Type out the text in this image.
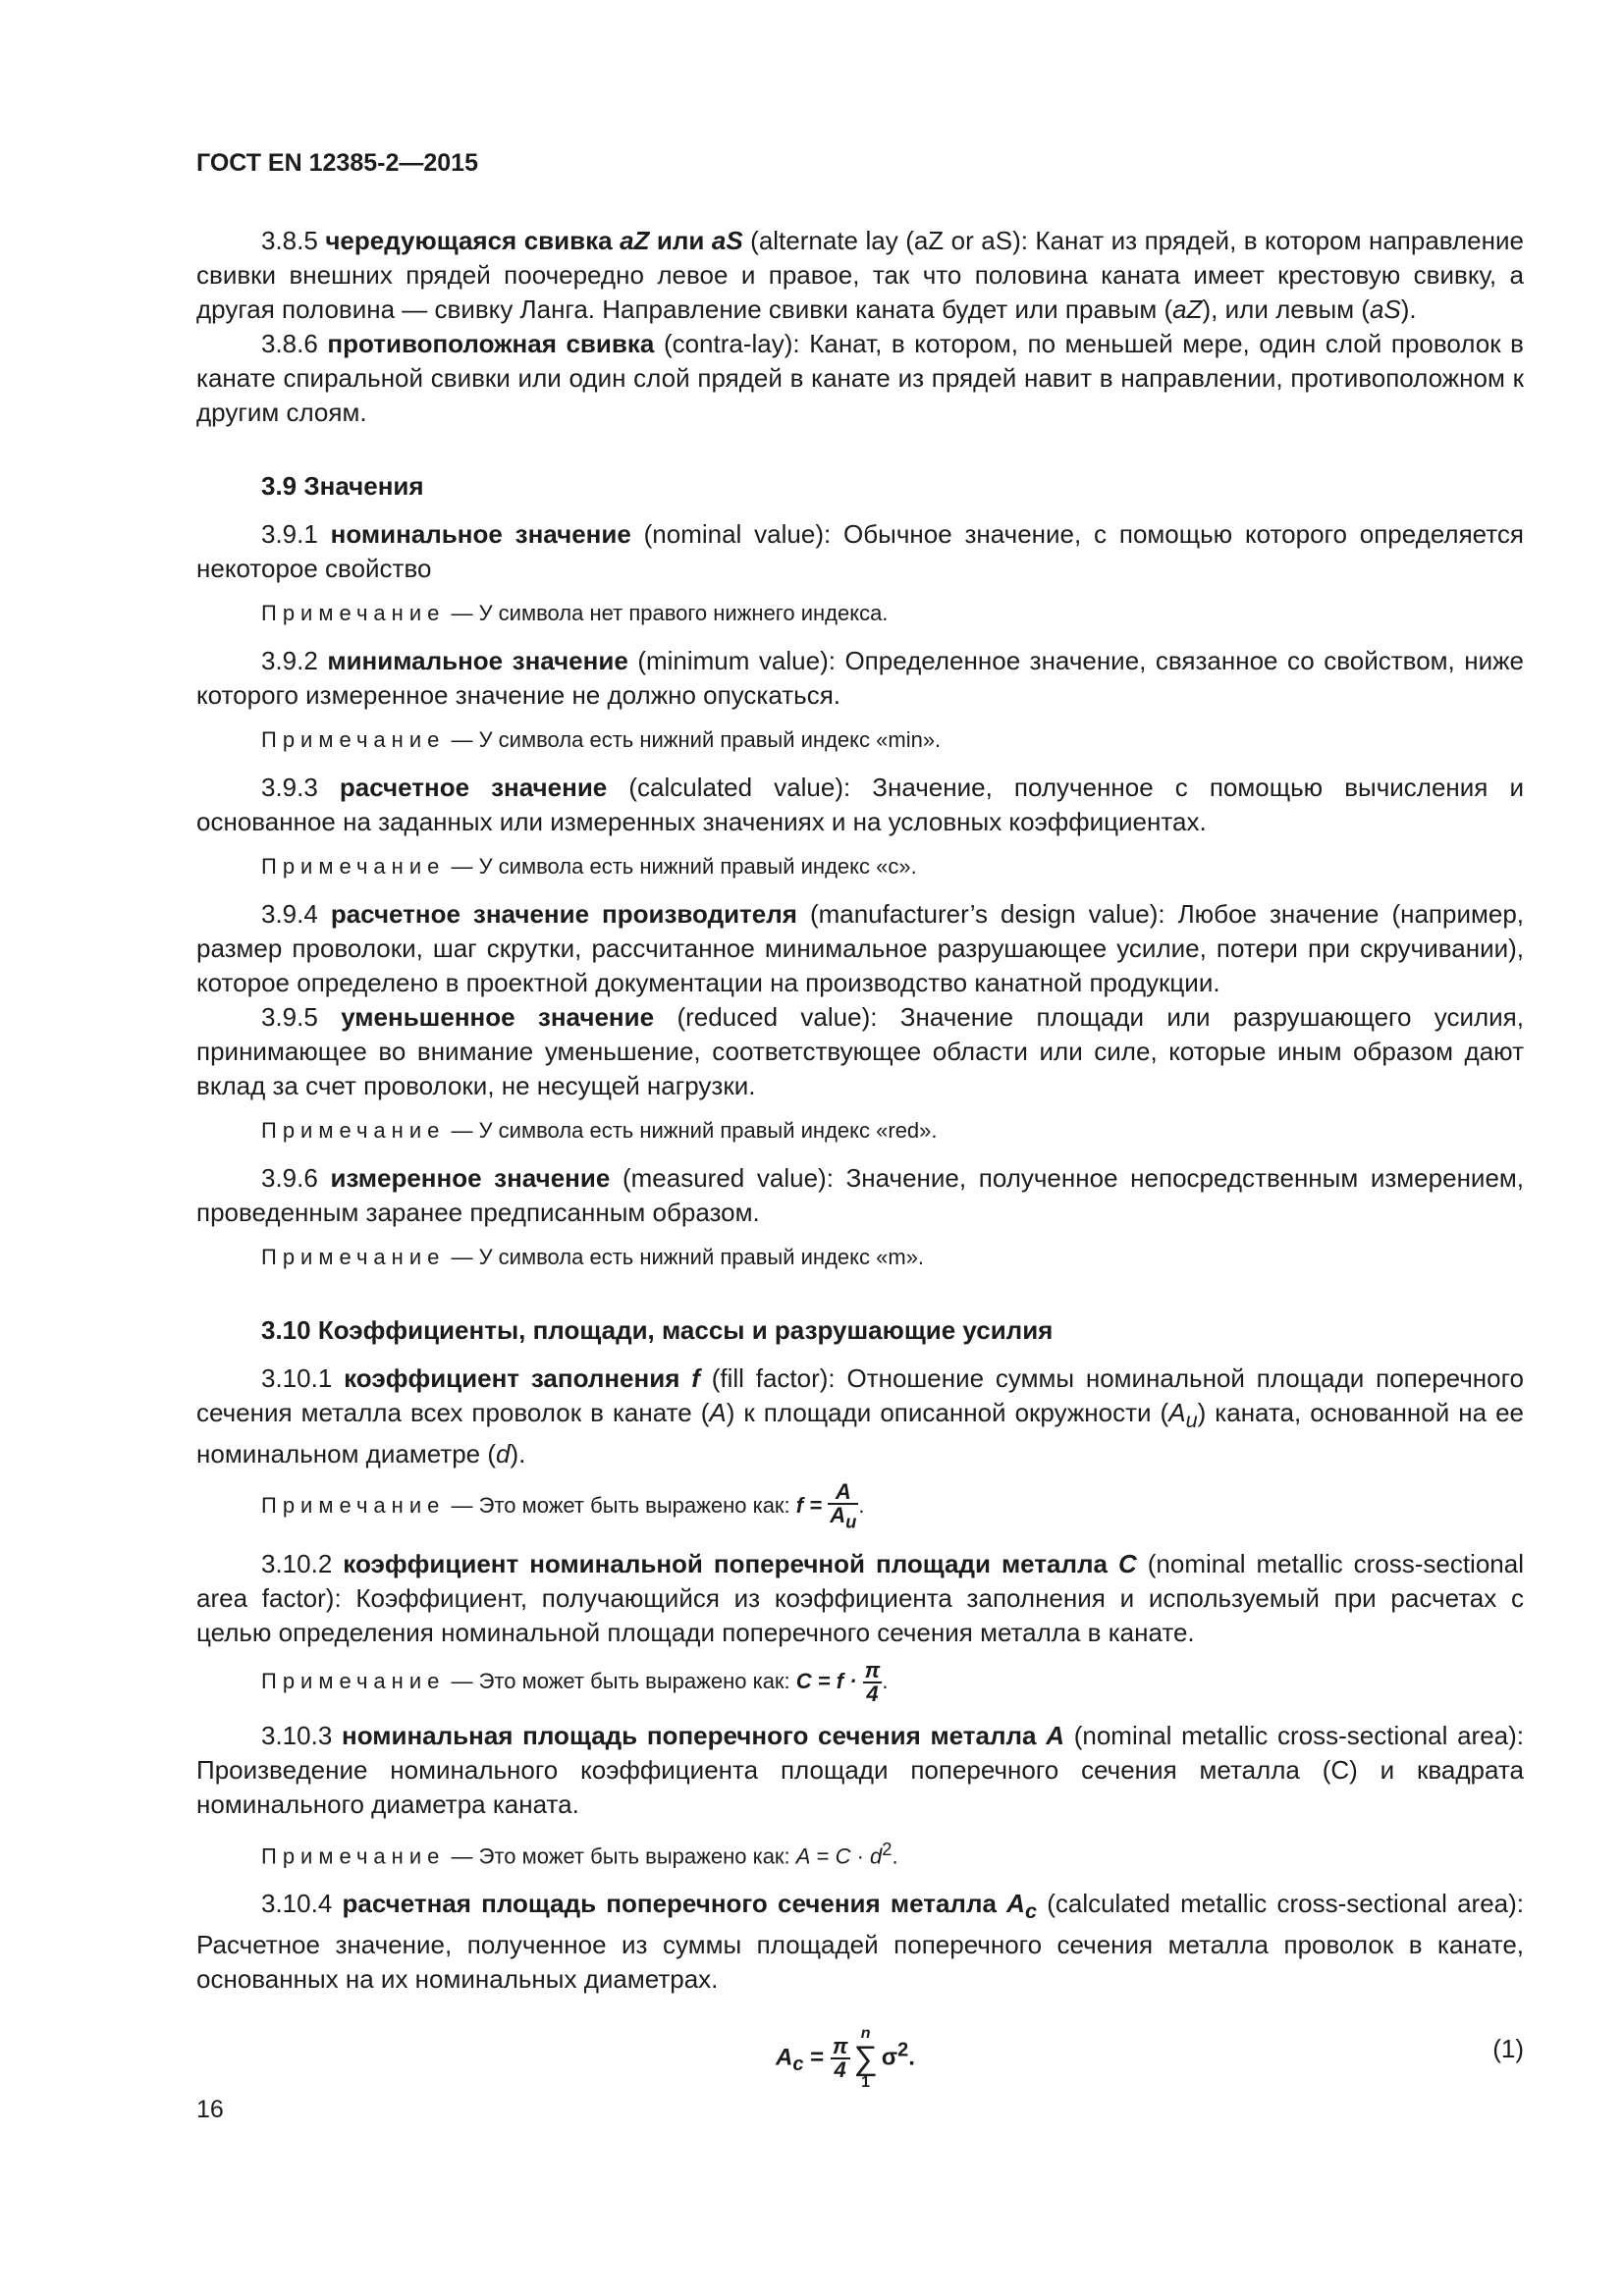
ГОСТ EN 12385-2—2015

3.8.5 чередующаяся свивка aZ или aS (alternate lay (aZ or aS): Канат из прядей, в котором направление свивки внешних прядей поочередно левое и правое, так что половина каната имеет крестовую свивку, а другая половина — свивку Ланга. Направление свивки каната будет или правым (aZ), или левым (aS).

3.8.6 противоположная свивка (contra-lay): Канат, в котором, по меньшей мере, один слой проволок в канате спиральной свивки или один слой прядей в канате из прядей навит в направлении, противоположном к другим слоям.

3.9 Значения

3.9.1 номинальное значение (nominal value): Обычное значение, с помощью которого определяется некоторое свойство

Примечание — У символа нет правого нижнего индекса.

3.9.2 минимальное значение (minimum value): Определенное значение, связанное со свойством, ниже которого измеренное значение не должно опускаться.

Примечание — У символа есть нижний правый индекс «min».

3.9.3 расчетное значение (calculated value): Значение, полученное с помощью вычисления и основанное на заданных или измеренных значениях и на условных коэффициентах.

Примечание — У символа есть нижний правый индекс «c».

3.9.4 расчетное значение производителя (manufacturer’s design value): Любое значение (например, размер проволоки, шаг скрутки, рассчитанное минимальное разрушающее усилие, потери при скручивании), которое определено в проектной документации на производство канатной продукции.

3.9.5 уменьшенное значение (reduced value): Значение площади или разрушающего усилия, принимающее во внимание уменьшение, соответствующее области или силе, которые иным образом дают вклад за счет проволоки, не несущей нагрузки.

Примечание — У символа есть нижний правый индекс «red».

3.9.6 измеренное значение (measured value): Значение, полученное непосредственным измерением, проведенным заранее предписанным образом.

Примечание — У символа есть нижний правый индекс «m».

3.10 Коэффициенты, площади, массы и разрушающие усилия

3.10.1 коэффициент заполнения f (fill factor): Отношение суммы номинальной площади поперечного сечения металла всех проволок в канате (A) к площади описанной окружности $(A_u)$ каната, основанной на ее номинальном диаметре (d).

Примечание — Это может быть выражено как: $f = \frac{A}{A_u}$ .

3.10.2 коэффициент номинальной поперечной площади металла C (nominal metallic cross-sectional area factor): Коэффициент, получающийся из коэффициента заполнения и используемый при расчетах с целью определения номинальной площади поперечного сечения металла в канате.

Примечание — Это может быть выражено как: $C = f \cdot \frac{\pi}{4}$ .

3.10.3 номинальная площадь поперечного сечения металла A (nominal metallic cross-sectional area): Произведение номинального коэффициента площади поперечного сечения металла (C) и квадрата номинального диаметра каната.

Примечание — Это может быть выражено как: $A = C \cdot d^2$.

3.10.4 расчетная площадь поперечного сечения металла $A_c$ (calculated metallic cross-sectional area): Расчетное значение, полученное из суммы площадей поперечного сечения металла проволок в канате, основанных на их номинальных диаметрах.

$A_c = \frac{\pi}{4}$
n
∑
$1\sigma^2$.	(1)
16
